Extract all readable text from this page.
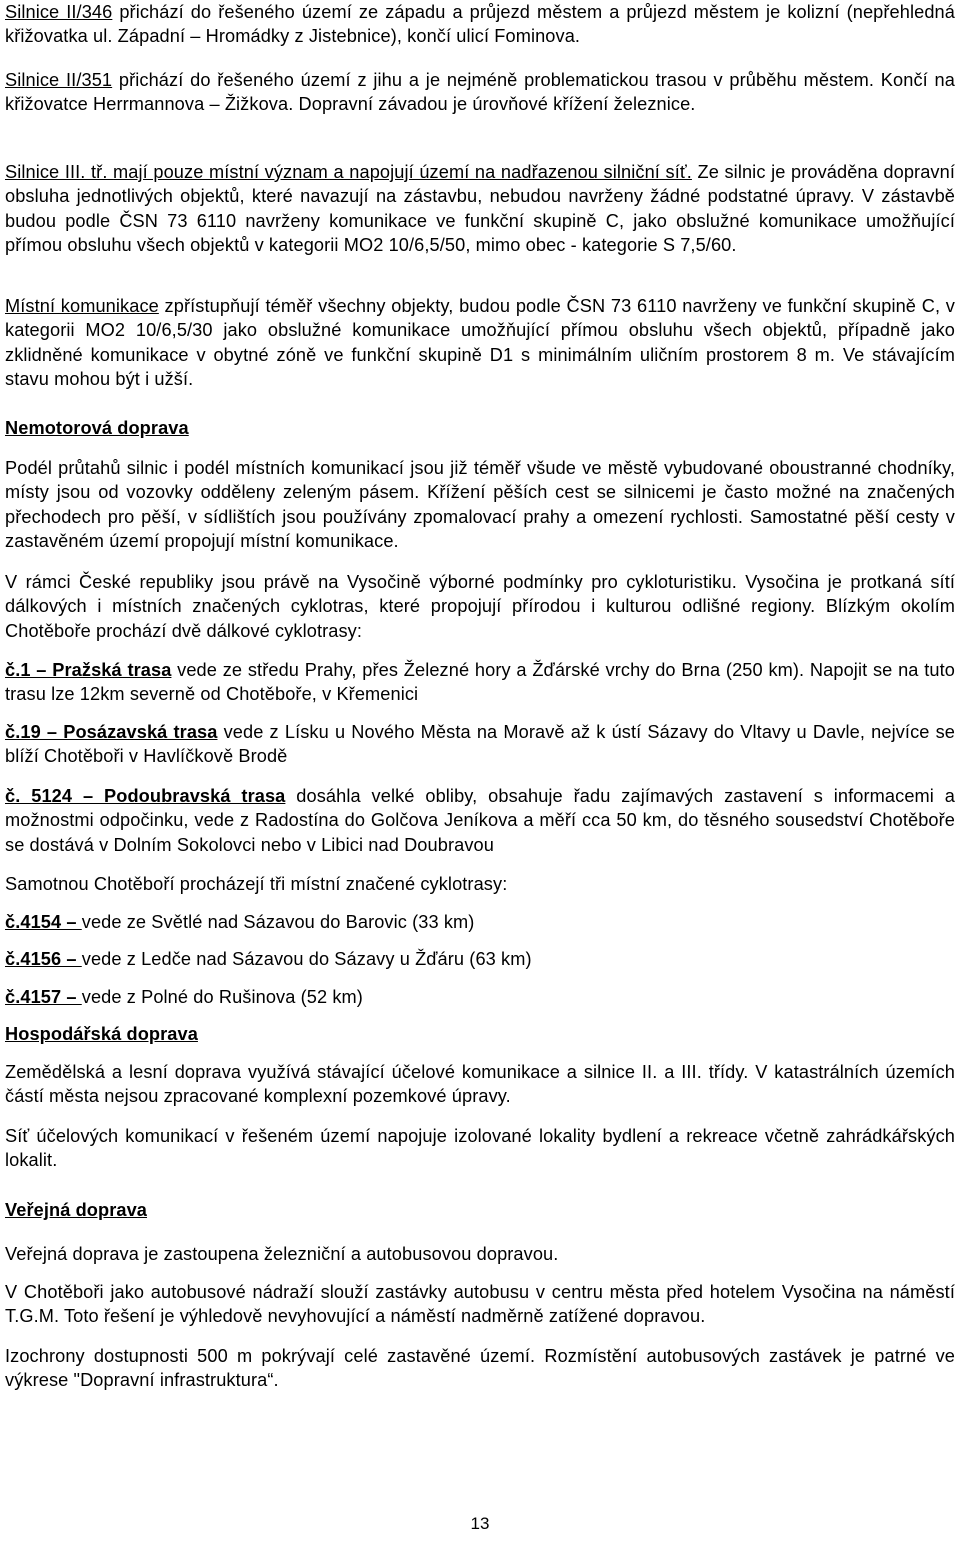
Silnice II/346 přichází do řešeného území ze západu a průjezd městem a průjezd městem je kolizní (nepřehledná křižovatka ul. Západní – Hromádky z Jistebnice), končí ulicí Fominova.

Silnice II/351 přichází do řešeného území z jihu a je nejméně problematickou trasou v průběhu městem. Končí na křižovatce Herrmannova – Žižkova. Dopravní závadou je úrovňové křížení železnice.

Silnice III. tř. mají pouze místní význam a napojují území na nadřazenou silniční síť. Ze silnic je prováděna dopravní obsluha jednotlivých objektů, které navazují na zástavbu, nebudou navrženy žádné podstatné úpravy. V zástavbě budou podle ČSN 73 6110 navrženy komunikace ve funkční skupině C, jako obslužné komunikace umožňující přímou obsluhu všech objektů v kategorii MO2 10/6,5/50, mimo obec - kategorie S 7,5/60.

Místní komunikace zpřístupňují téměř všechny objekty, budou podle ČSN 73 6110 navrženy ve funkční skupině C, v kategorii MO2 10/6,5/30 jako obslužné komunikace umožňující přímou obsluhu všech objektů, případně jako zklidněné komunikace v obytné zóně ve funkční skupině D1 s minimálním uličním prostorem 8 m. Ve stávajícím stavu mohou být i užší.

Nemotorová doprava

Podél průtahů silnic i podél místních komunikací jsou již téměř všude ve městě vybudované oboustranné chodníky, místy jsou od vozovky odděleny zeleným pásem. Křížení pěších cest se silnicemi je často možné na značených přechodech pro pěší, v sídlištích jsou používány zpomalovací prahy a omezení rychlosti. Samostatné pěší cesty v zastavěném území propojují místní komunikace.

V rámci České republiky jsou právě na Vysočině výborné podmínky pro cykloturistiku. Vysočina je protkaná sítí dálkových i místních značených cyklotras, které propojují přírodou i kulturou odlišné regiony. Blízkým okolím Chotěboře prochází dvě dálkové cyklotrasy:

č.1 – Pražská trasa vede ze středu Prahy, přes Železné hory a Žďárské vrchy do Brna (250 km). Napojit se na tuto trasu lze 12km severně od Chotěboře, v Křemenici

č.19 – Posázavská trasa vede z Lísku u Nového Města na Moravě až k ústí Sázavy do Vltavy u Davle, nejvíce se blíží Chotěboři v Havlíčkově Brodě

č. 5124 – Podoubravská trasa dosáhla velké obliby, obsahuje řadu zajímavých zastavení s informacemi a možnostmi odpočinku, vede z Radostína do Golčova Jeníkova a měří cca 50 km, do těsného sousedství Chotěboře se dostává v Dolním Sokolovci nebo v Libici nad Doubravou

Samotnou Chotěboří procházejí tři místní značené cyklotrasy:

č.4154 – vede ze Světlé nad Sázavou do Barovic (33 km)

č.4156 – vede z Ledče nad Sázavou do Sázavy u Žďáru (63 km)

č.4157 – vede z Polné do Rušinova (52 km)

Hospodářská doprava

Zemědělská a lesní doprava využívá stávající účelové komunikace a silnice II. a III. třídy. V katastrálních územích částí města nejsou zpracované komplexní pozemkové úpravy.

Síť účelových komunikací v řešeném území napojuje izolované lokality bydlení a rekreace včetně zahrádkářských lokalit.

Veřejná doprava

Veřejná doprava je zastoupena železniční a autobusovou dopravou.

V Chotěboři jako autobusové nádraží slouží zastávky autobusu v centru města před hotelem Vysočina na náměstí T.G.M. Toto řešení je výhledově nevyhovující a náměstí nadměrně zatížené dopravou.

Izochrony dostupnosti 500 m pokrývají celé zastavěné území. Rozmístění autobusových zastávek je patrné ve výkrese "Dopravní infrastruktura“.

13
